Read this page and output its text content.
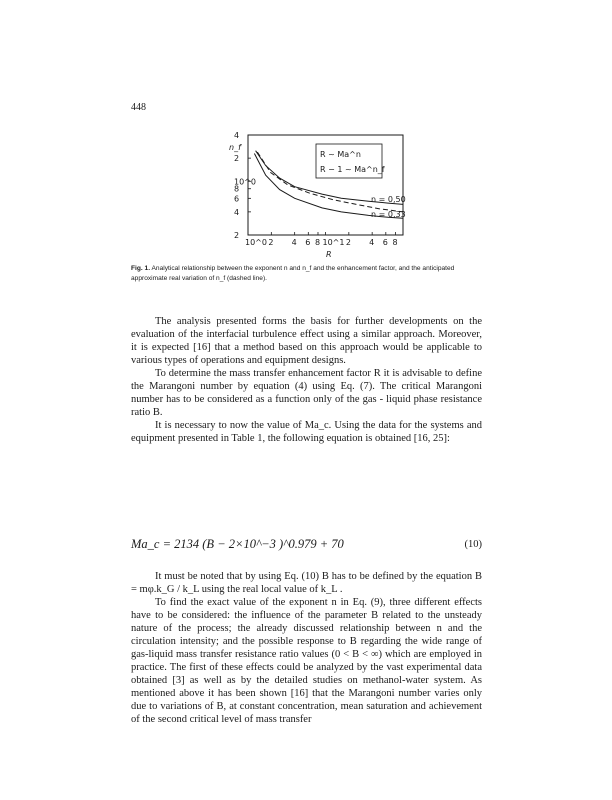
448
R ~ Ma^n
R − 1 ~ Ma^n_f
n_f
R
10^0 2 4 6 8 10^1 2 4 6 8
4
2
10^0
8
6
4
2
n = 0,50
n = 0,33
Fig. 1. Analytical relationship between the exponent n and n_f and the enhancement factor, and the anticipated approximate real variation of n_f (dashed line).

The analysis presented forms the basis for further developments on the evaluation of the interfacial turbulence effect using a similar approach. Moreover, it is expected [16] that a method based on this approach would be applicable to various types of operations and equipment designs.

To determine the mass transfer enhancement factor R it is advisable to define the Marangoni number by equation (4) using Eq. (7). The critical Marangoni number has to be considered as a function only of the gas - liquid phase resistance ratio B.

It is necessary to now the value of Ma_c. Using the data for the systems and equipment presented in Table 1, the following equation is obtained [16, 25]:

Ma_c = 2134 (B − 2×10^−3 )^0.979 + 70	(10)

It must be noted that by using Eq. (10) B has to be defined by the equation B = mφ.k_G / k_L using the real local value of k_L .

To find the exact value of the exponent n in Eq. (9), three different effects have to be considered: the influence of the parameter B related to the unsteady nature of the process; the already discussed relationship between n and the circulation intensity; and the possible response to B regarding the wide range of gas-liquid mass transfer resistance ratio values (0 < B < ∞) which are employed in practice. The first of these effects could be analyzed by the vast experimental data obtained [3] as well as by the detailed studies on methanol-water system. As mentioned above it has been shown [16] that the Marangoni number varies only due to variations of B, at constant concentration, mean saturation and achievement of the second critical level of mass transfer
